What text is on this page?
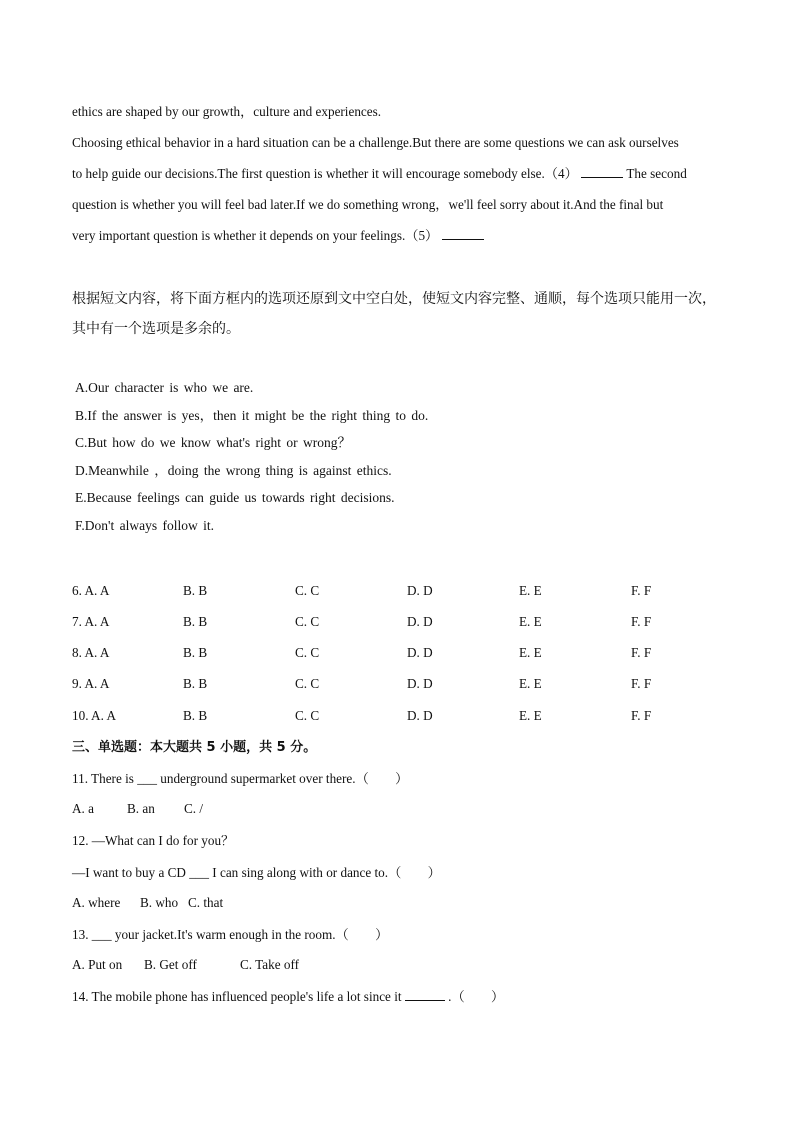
ethics are shaped by our growth，culture and experiences.
Choosing ethical behavior in a hard situation can be a challenge.But there are some questions we can ask ourselves
to help guide our decisions.The first question is whether it will encourage somebody else.（4）	The second
question is whether you will feel bad later.If we do something wrong，we'll feel sorry about it.And the final but
very important question is whether it depends on your feelings.（5）
根据短文内容，将下面方框内的选项还原到文中空白处，使短文内容完整、通顺，每个选项只能用一次，
其中有一个选项是多余的。
A.Our character is who we are.
B.If the answer is yes，then it might be the right thing to do.
C.But how do we know what's right or wrong？
D.Meanwhile ，doing the wrong thing is against ethics.
E.Because feelings can guide us towards right decisions.
F.Don't always follow it.
6. A. A	B. B	C. C	D. D	E. E	F. F
7. A. A	B. B	C. C	D. D	E. E	F. F
8. A. A	B. B	C. C	D. D	E. E	F. F
9. A. A	B. B	C. C	D. D	E. E	F. F
10. A. A	B. B	C. C	D. D	E. E	F. F
三、单选题：本大题共 5 小题，共 5 分。
11. There is ___ underground supermarket over there.（　　）
A. a	B. an C. /
12. —What can I do for you？
—I want to buy a CD ___ I can sing along with or dance to.（　　）
A. where B. who C. that
13. ___ your jacket.It's warm enough in the room.（　　）
A. Put on B. Get off	C. Take off
14. The mobile phone has influenced people's life a lot since it	.（　　）
